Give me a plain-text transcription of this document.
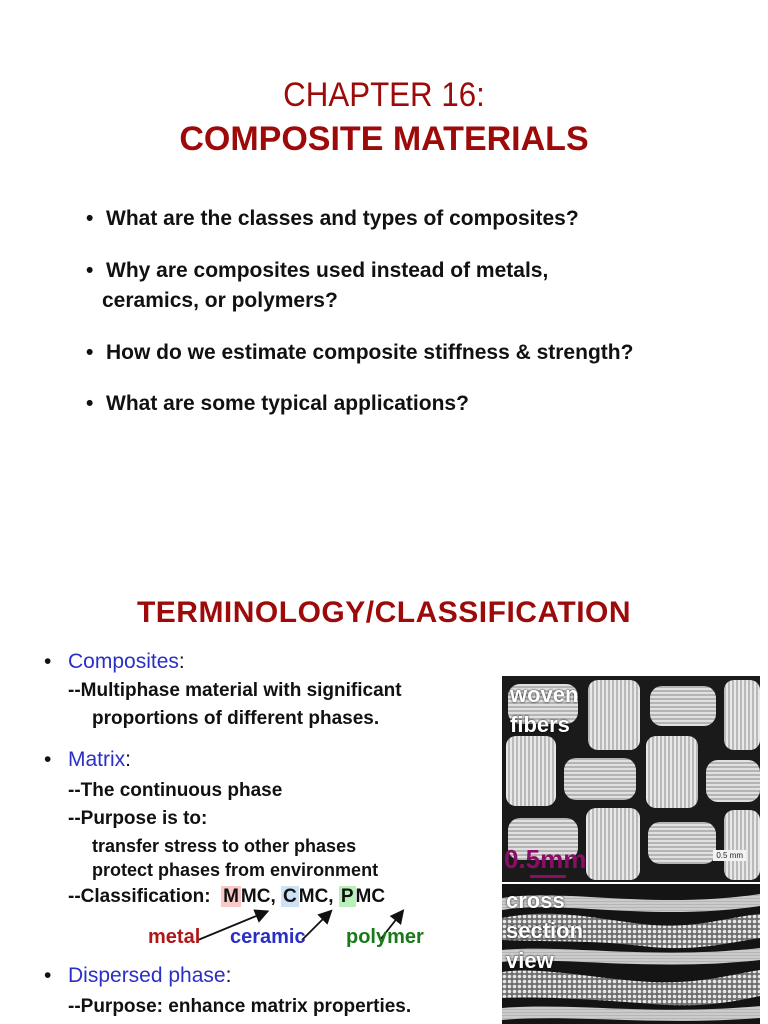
CHAPTER 16:
COMPOSITE MATERIALS
• What are the classes and types of composites?
• Why are composites used instead of metals,
ceramics, or polymers?
• How do we estimate composite stiffness & strength?
• What are some typical applications?
TERMINOLOGY/CLASSIFICATION
• Composites:
--Multiphase material with significant
proportions of different phases.
• Matrix:
--The continuous phase
--Purpose is to:
transfer stress to other phases
protect phases from environment
--Classification:  M MC, C MC, P MC
metal ceramic polymer
• Dispersed phase:
--Purpose: enhance matrix properties.
woven
fibers
0.5 mm
0.5mm
cross
section
view
